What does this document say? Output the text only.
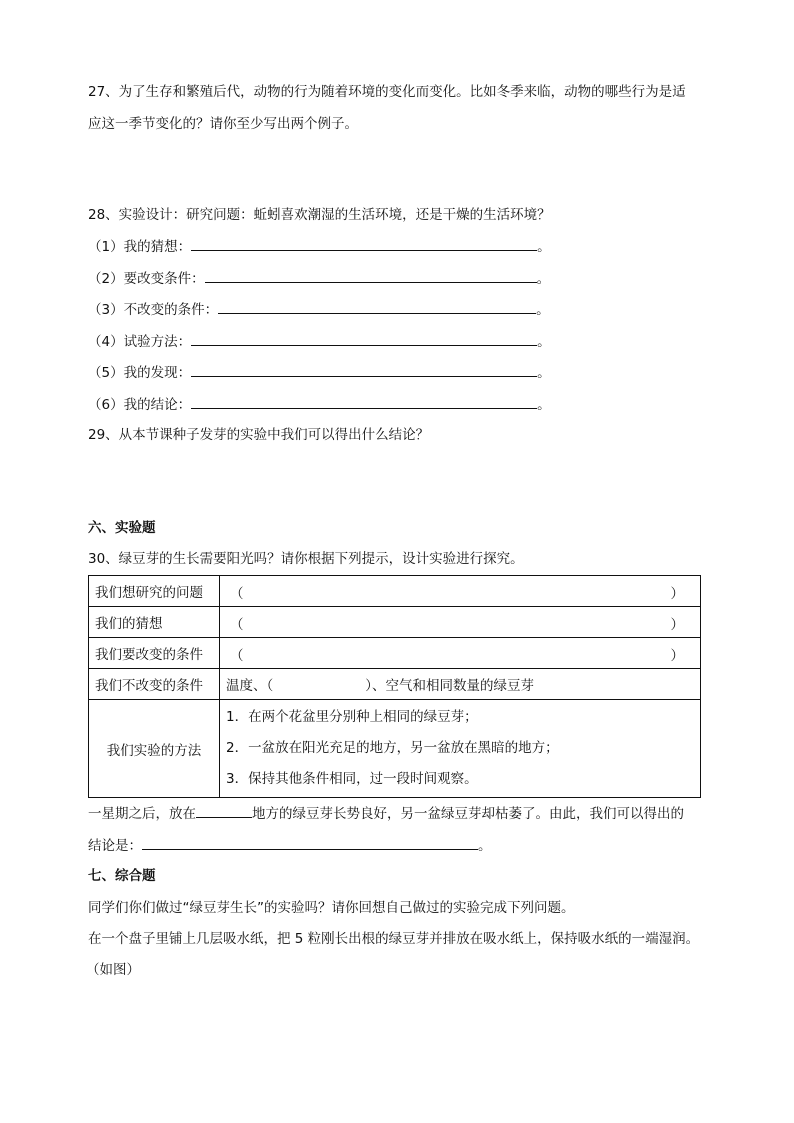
27、为了生存和繁殖后代，动物的行为随着环境的变化而变化。比如冬季来临，动物的哪些行为是适
应这一季节变化的？请你至少写出两个例子。
28、实验设计：研究问题：蚯蚓喜欢潮湿的生活环境，还是干燥的生活环境？
（1）我的猜想：	。
（2）要改变条件：	。
（3）不改变的条件：	。
（4）试验方法：	。
（5）我的发现：	。
（6）我的结论：	。
29、从本节课种子发芽的实验中我们可以得出什么结论？
六、实验题
30、绿豆芽的生长需要阳光吗？请你根据下列提示，设计实验进行探究。
我们想研究的问题	（ ）

我们的猜想	（ ）

我们要改变的条件	（ ）

我们不改变的条件	温度、（ ）、空气和相同数量的绿豆芽
我们实验的方法	1．在两个花盆里分别种上相同的绿豆芽；
2．一盆放在阳光充足的地方，另一盆放在黑暗的地方；
3．保持其他条件相同，过一段时间观察。
一星期之后，放在	地方的绿豆芽长势良好，另一盆绿豆芽却枯萎了。由此，我们可以得出的
结论是：	。
七、综合题
同学们你们做过“绿豆芽生长”的实验吗？请你回想自己做过的实验完成下列问题。
在一个盘子里铺上几层吸水纸，把 5 粒刚长出根的绿豆芽并排放在吸水纸上，保持吸水纸的一端湿润。
（如图）
